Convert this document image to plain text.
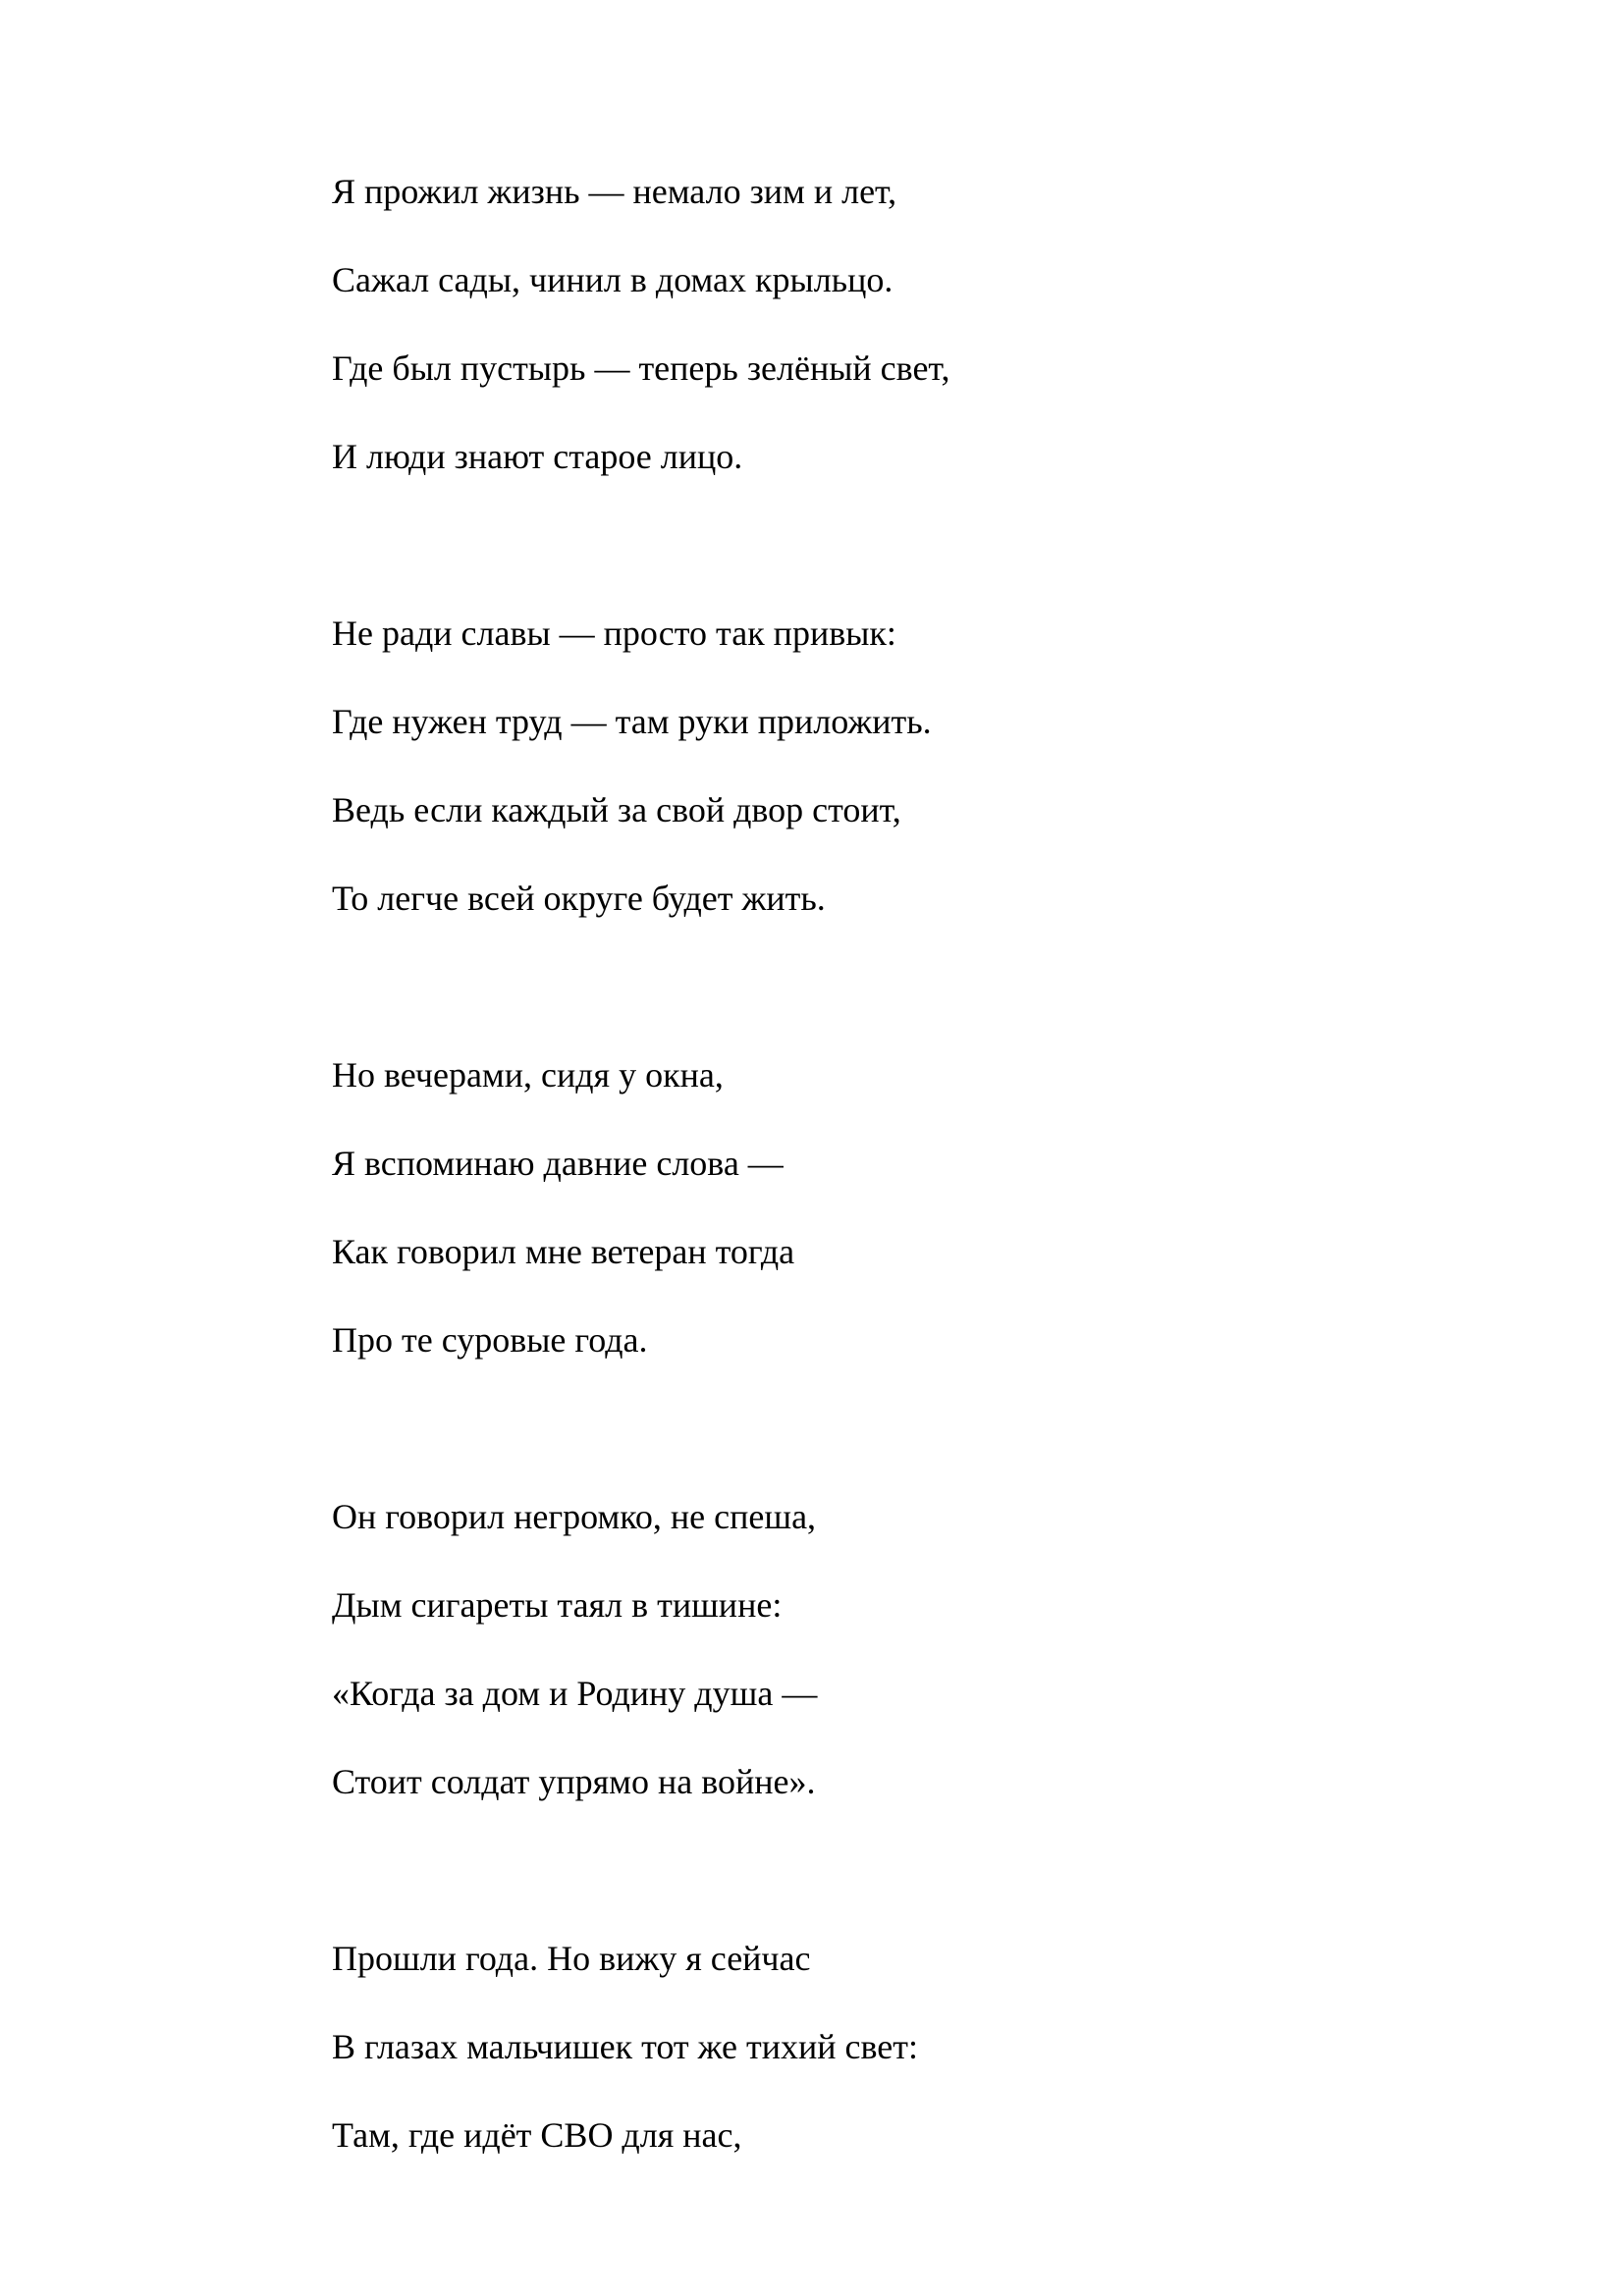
Я прожил жизнь — немало зим и лет,

Сажал сады, чинил в домах крыльцо.

Где был пустырь — теперь зелёный свет,

И люди знают старое лицо.

Не ради славы — просто так привык:

Где нужен труд — там руки приложить.

Ведь если каждый за свой двор стоит,

То легче всей округе будет жить.

Но вечерами, сидя у окна,

Я вспоминаю давние слова —

Как говорил мне ветеран тогда

Про те суровые года.

Он говорил негромко, не спеша,

Дым сигареты таял в тишине:

«Когда за дом и Родину душа —

Стоит солдат упрямо на войне».

Прошли года. Но вижу я сейчас

В глазах мальчишек тот же тихий свет:

Там, где идёт СВО для нас,
